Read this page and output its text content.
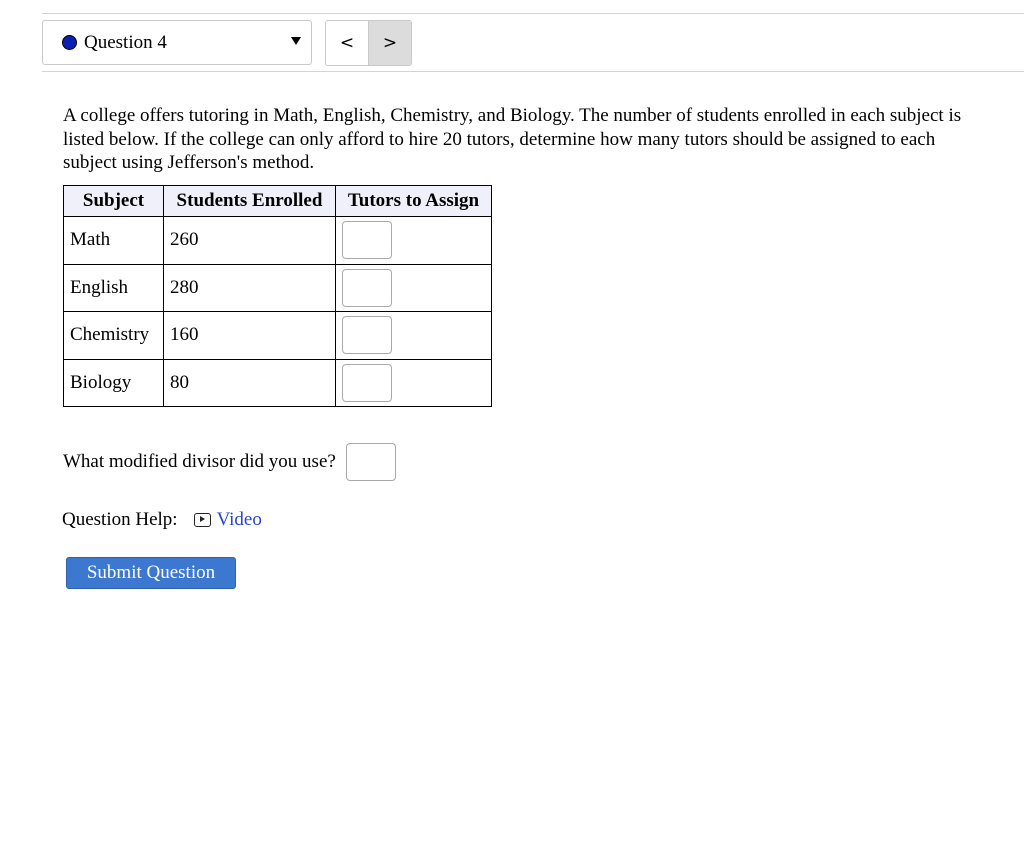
Question 4	<	>
A college offers tutoring in Math, English, Chemistry, and Biology. The number of students enrolled in each subject is listed below. If the college can only afford to hire 20 tutors, determine how many tutors should be assigned to each subject using Jefferson's method.
Subject	Students Enrolled	Tutors to Assign
Math	260	

English	280	

Chemistry	160	

Biology	80	
What modified divisor did you use?
Question Help: Video
Submit Question
